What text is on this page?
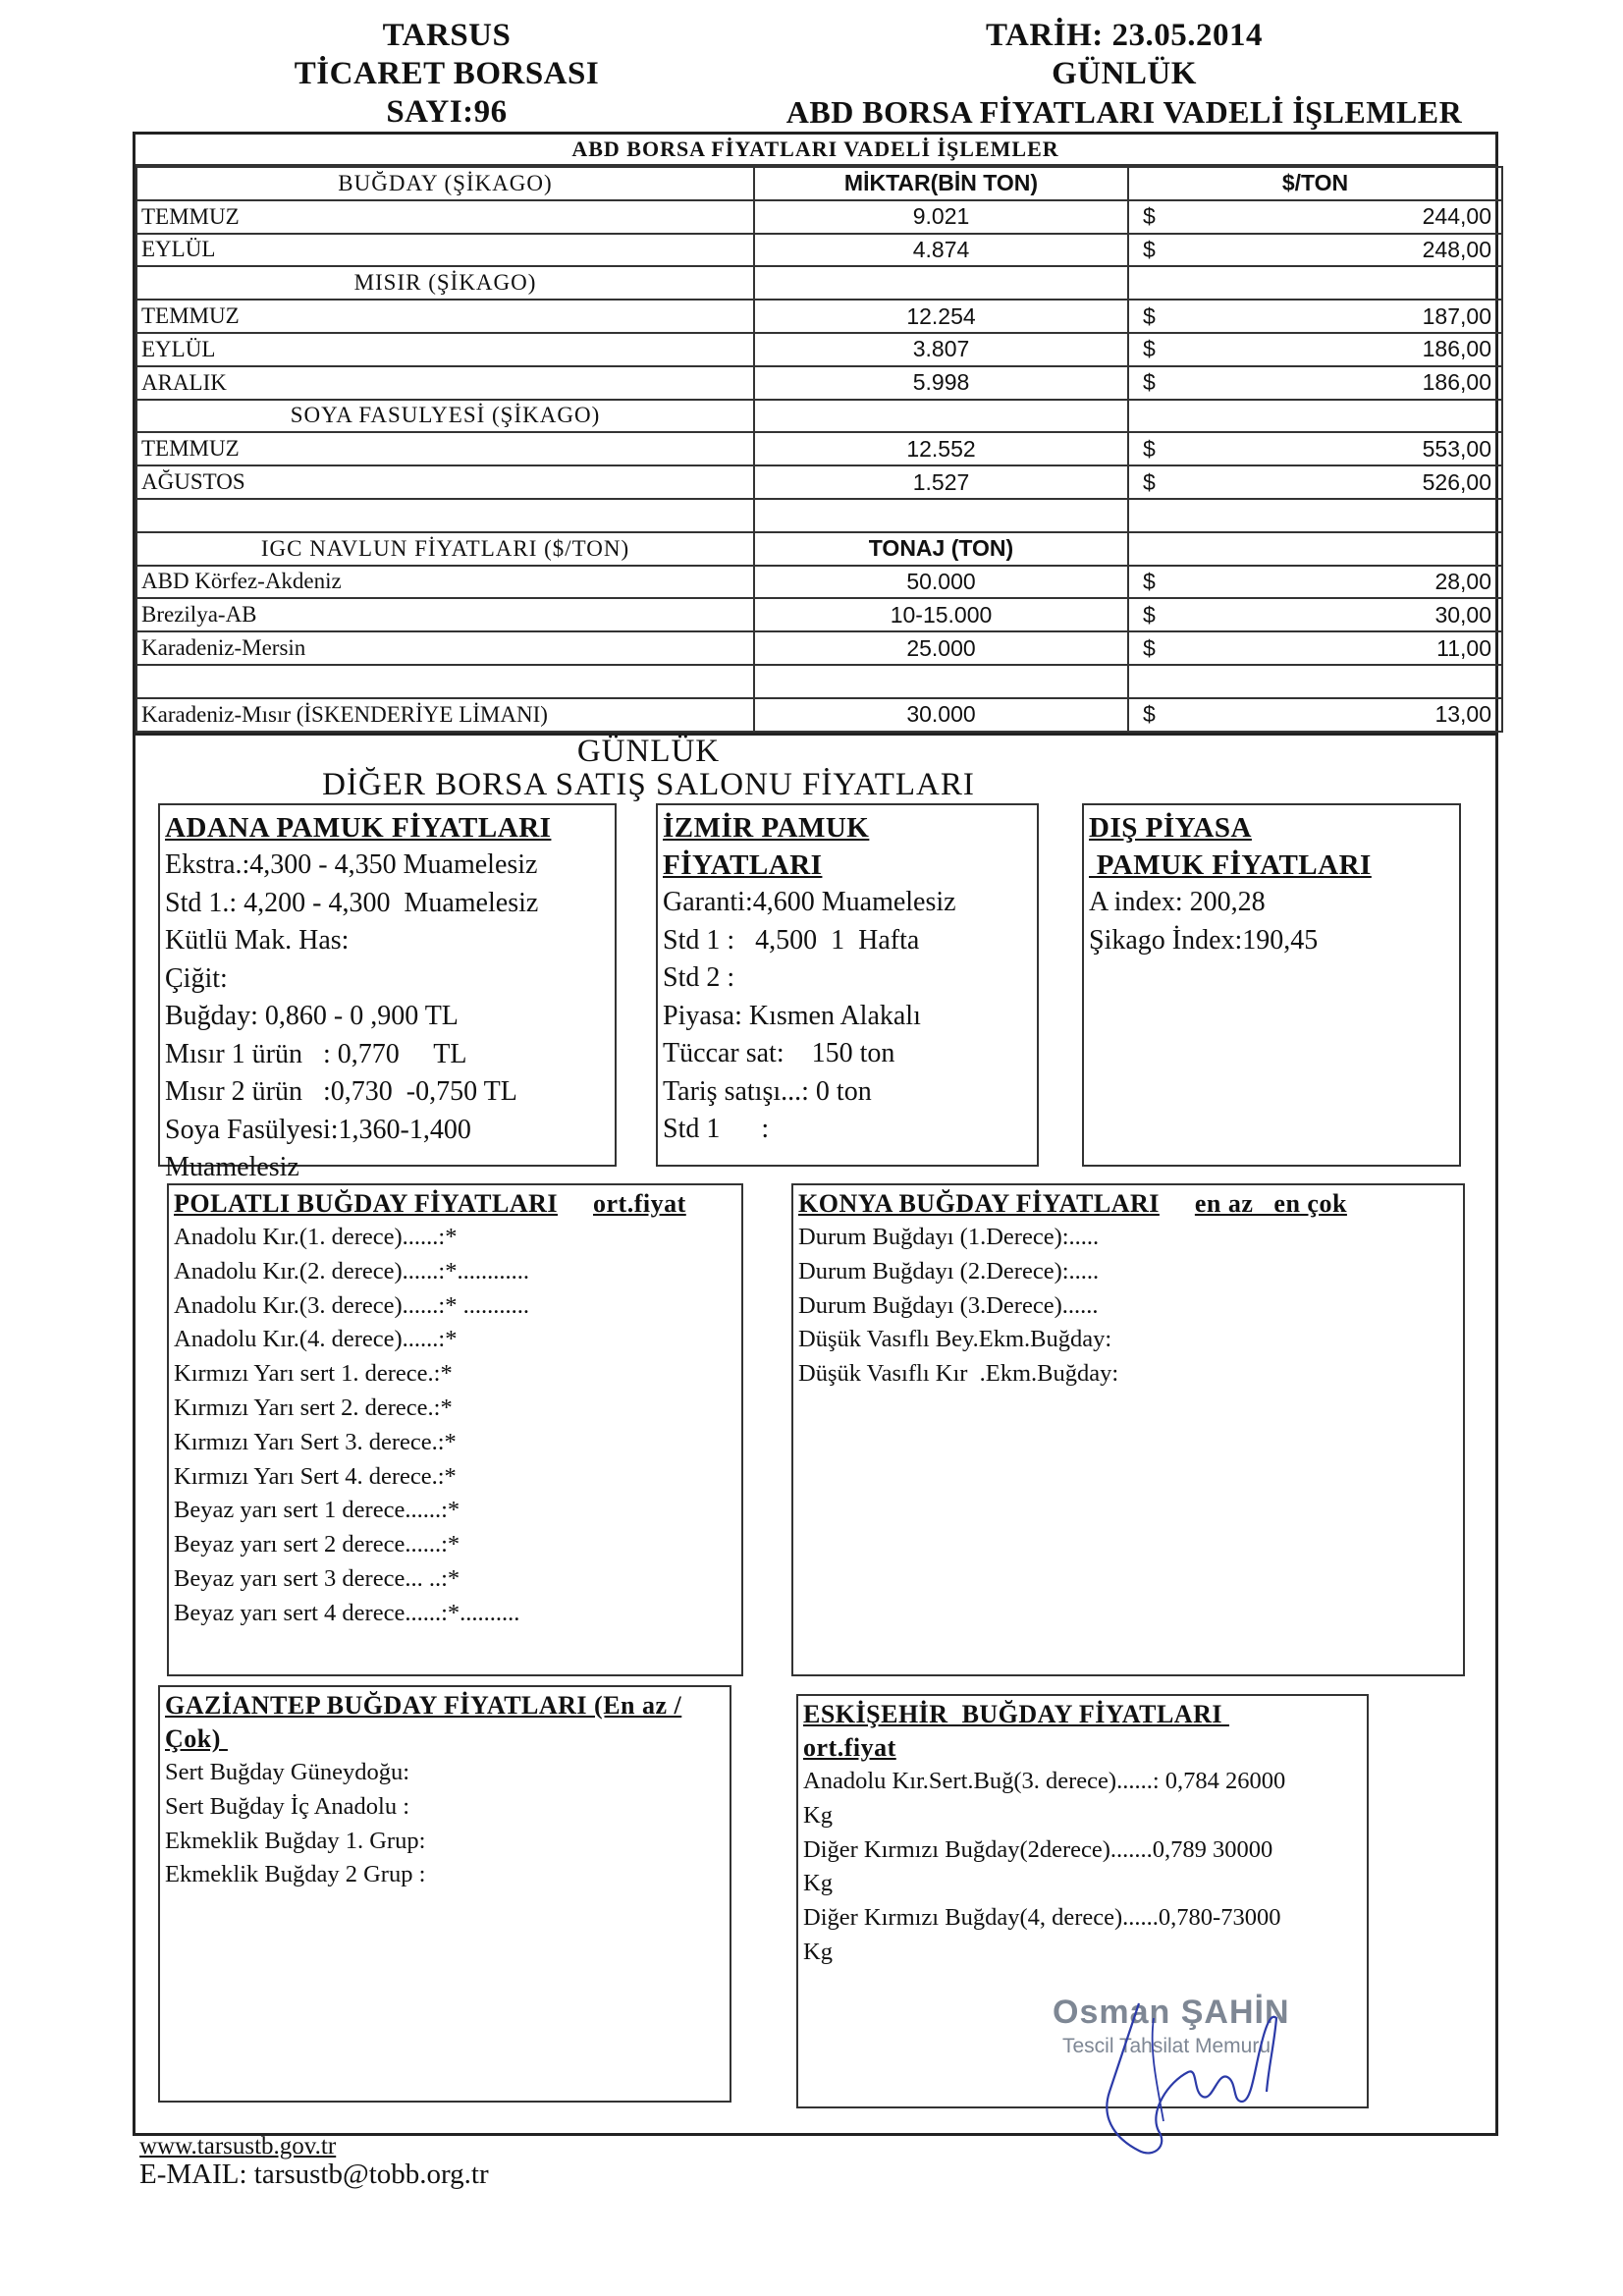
TARSUS
TİCARET BORSASI
SAYI:96
TARİH: 23.05.2014
GÜNLÜK
ABD BORSA FİYATLARI VADELİ İŞLEMLER
ABD BORSA FİYATLARI VADELİ İŞLEMLER
BUĞDAY (ŞİKAGO)	MİKTAR(BİN TON)	$/TON
TEMMUZ	9.021	$ 244,00

EYLÜL	4.874	$ 248,00

MISIR (ŞİKAGO)		
TEMMUZ	12.254	$ 187,00

EYLÜL	3.807	$ 186,00

ARALIK	5.998	$ 186,00

SOYA FASULYESİ (ŞİKAGO)		
TEMMUZ	12.552	$ 553,00

AĞUSTOS	1.527	$ 526,00

IGC NAVLUN FİYATLARI ($/TON)	TONAJ (TON)	
ABD Körfez-Akdeniz	50.000	$ 28,00

Brezilya-AB	10-15.000	$ 30,00

Karadeniz-Mersin	25.000	$ 11,00

Karadeniz-Mısır (İSKENDERİYE LİMANI)	30.000	$ 13,00
GÜNLÜK
DİĞER BORSA SATIŞ SALONU FİYATLARI
ADANA PAMUK FİYATLARI
Ekstra.:4,300 - 4,350 Muamelesiz
Std 1.: 4,200 - 4,300  Muamelesiz
Kütlü Mak. Has:
Çiğit:
Buğday: 0,860 - 0 ,900 TL
Mısır 1 ürün   : 0,770     TL
Mısır 2 ürün   :0,730  -0,750 TL
Soya Fasülyesi:1,360-1,400
Muamelesiz
İZMİR PAMUK
FİYATLARI
Garanti:4,600 Muamelesiz
Std 1 :   4,500  1  Hafta
Std 2 :
Piyasa: Kısmen Alakalı
Tüccar sat:    150 ton
Tariş satışı...: 0 ton
Std 1      :
DIŞ PİYASA
PAMUK FİYATLARI
A index: 200,28
Şikago İndex:190,45
POLATLI BUĞDAY FİYATLARI ort.fiyat
Anadolu Kır.(1. derece)......:*
Anadolu Kır.(2. derece)......:*............
Anadolu Kır.(3. derece)......:* ...........
Anadolu Kır.(4. derece)......:*
Kırmızı Yarı sert 1. derece.:*
Kırmızı Yarı sert 2. derece.:*
Kırmızı Yarı Sert 3. derece.:*
Kırmızı Yarı Sert 4. derece.:*
Beyaz yarı sert 1 derece......:*
Beyaz yarı sert 2 derece......:*
Beyaz yarı sert 3 derece... ..:*
Beyaz yarı sert 4 derece......:*..........
KONYA BUĞDAY FİYATLARI en az   en çok
Durum Buğdayı (1.Derece):.....
Durum Buğdayı (2.Derece):.....
Durum Buğdayı (3.Derece)......
Düşük Vasıflı Bey.Ekm.Buğday:
Düşük Vasıflı Kır  .Ekm.Buğday:
GAZİANTEP BUĞDAY FİYATLARI (En az /
Çok)
Sert Buğday Güneydoğu:
Sert Buğday İç Anadolu :
Ekmeklik Buğday 1. Grup:
Ekmeklik Buğday 2 Grup :
ESKİŞEHİR  BUĞDAY FİYATLARI
ort.fiyat
Anadolu Kır.Sert.Buğ(3. derece)......: 0,784 26000
Kg
Diğer Kırmızı Buğday(2derece).......0,789 30000
Kg
Diğer Kırmızı Buğday(4, derece)......0,780-73000
Kg
Osman ŞAHİN
Tescil Tahsilat Memuru
www.tarsustb.gov.tr
E-MAIL: tarsustb@tobb.org.tr
